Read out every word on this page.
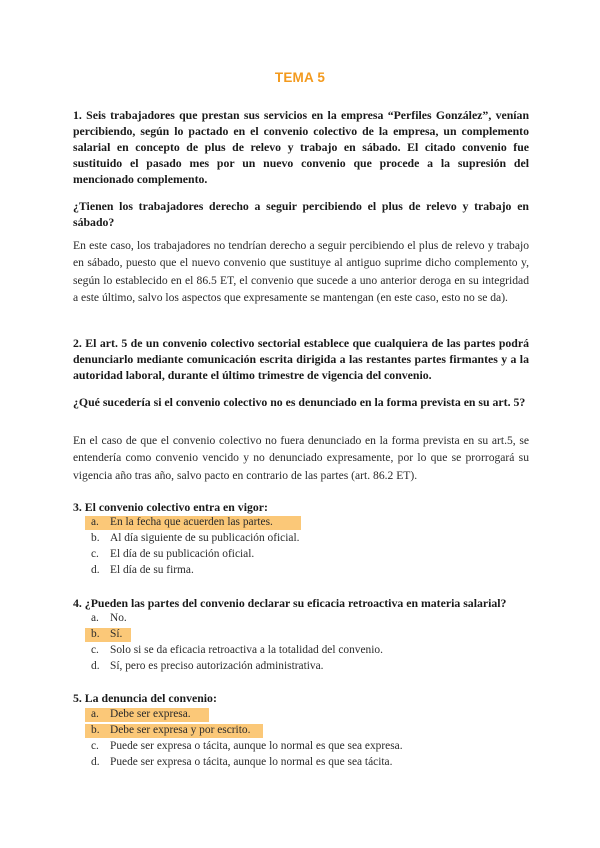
TEMA 5

1. Seis trabajadores que prestan sus servicios en la empresa “Perfiles González”, venían percibiendo, según lo pactado en el convenio colectivo de la empresa, un complemento salarial en concepto de plus de relevo y trabajo en sábado. El citado convenio fue sustituido el pasado mes por un nuevo convenio que procede a la supresión del mencionado complemento.

¿Tienen los trabajadores derecho a seguir percibiendo el plus de relevo y trabajo en sábado?

En este caso, los trabajadores no tendrían derecho a seguir percibiendo el plus de relevo y trabajo en sábado, puesto que el nuevo convenio que sustituye al antiguo suprime dicho complemento y, según lo establecido en el 86.5 ET, el convenio que sucede a uno anterior deroga en su integridad a este último, salvo los aspectos que expresamente se mantengan (en este caso, esto no se da).

2. El art. 5 de un convenio colectivo sectorial establece que cualquiera de las partes podrá denunciarlo mediante comunicación escrita dirigida a las restantes partes firmantes y a la autoridad laboral, durante el último trimestre de vigencia del convenio.

¿Qué sucedería si el convenio colectivo no es denunciado en la forma prevista en su art. 5?

En el caso de que el convenio colectivo no fuera denunciado en la forma prevista en su art.5, se entendería como convenio vencido y no denunciado expresamente, por lo que se prorrogará su vigencia año tras año, salvo pacto en contrario de las partes (art. 86.2 ET).

3. El convenio colectivo entra en vigor:

a. En la fecha que acuerden las partes.
b. Al día siguiente de su publicación oficial.
c. El día de su publicación oficial.
d. El día de su firma.

4. ¿Pueden las partes del convenio declarar su eficacia retroactiva en materia salarial?

a. No.
b. Sí.
c. Solo si se da eficacia retroactiva a la totalidad del convenio.
d. Sí, pero es preciso autorización administrativa.

5. La denuncia del convenio:

a. Debe ser expresa.
b. Debe ser expresa y por escrito.
c. Puede ser expresa o tácita, aunque lo normal es que sea expresa.
d. Puede ser expresa o tácita, aunque lo normal es que sea tácita.
